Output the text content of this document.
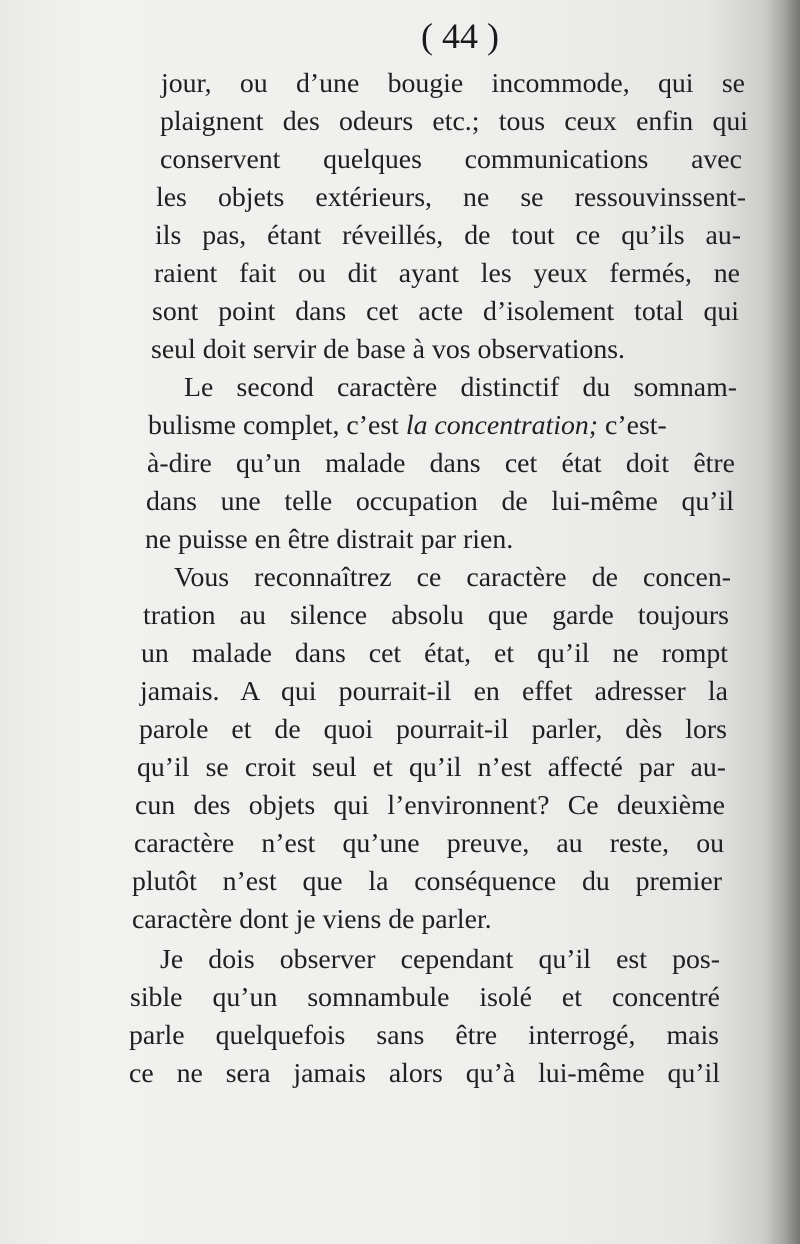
( 44 )
jour, ou d’une bougie incommode, qui se
plaignent des odeurs etc.; tous ceux enfin qui
conservent quelques communications avec
les objets extérieurs, ne se ressouvinssent-
ils pas, étant réveillés, de tout ce qu’ils au-
raient fait ou dit ayant les yeux fermés, ne
sont point dans cet acte d’isolement total qui
seul doit servir de base à vos observations.
Le second caractère distinctif du somnam-
bulisme complet, c’est la concentration; c’est-
à-dire qu’un malade dans cet état doit être
dans une telle occupation de lui-même qu’il
ne puisse en être distrait par rien.
Vous reconnaîtrez ce caractère de concen-
tration au silence absolu que garde toujours
un malade dans cet état, et qu’il ne rompt
jamais. A qui pourrait-il en effet adresser la
parole et de quoi pourrait-il parler, dès lors
qu’il se croit seul et qu’il n’est affecté par au-
cun des objets qui l’environnent? Ce deuxième
caractère n’est qu’une preuve, au reste, ou
plutôt n’est que la conséquence du premier
caractère dont je viens de parler.
Je dois observer cependant qu’il est pos-
sible qu’un somnambule isolé et concentré
parle quelquefois sans être interrogé, mais
ce ne sera jamais alors qu’à lui-même qu’il
